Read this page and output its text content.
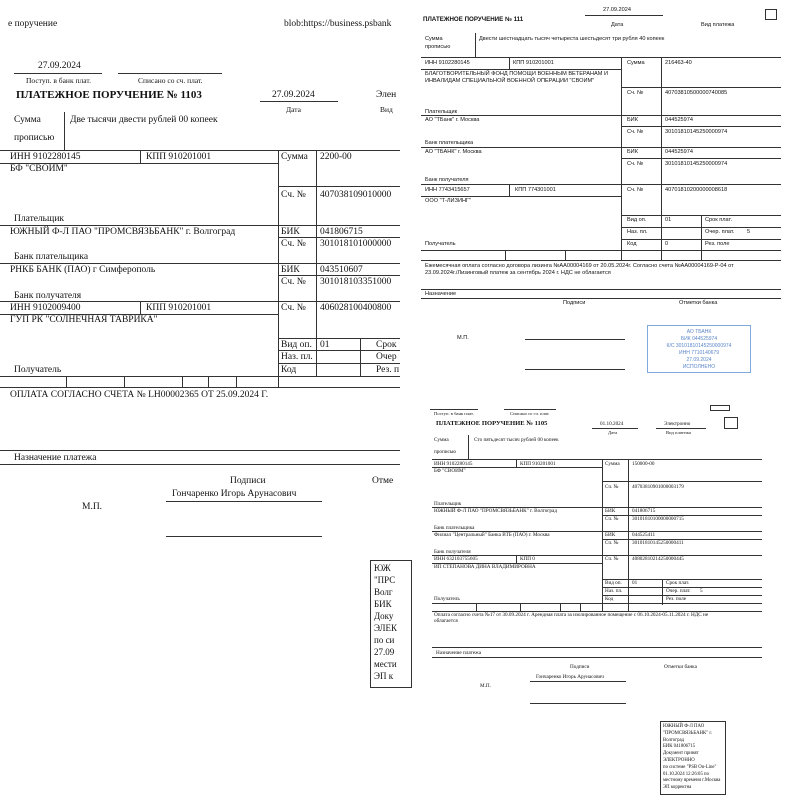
е поручение	blob:https://business.psbank
27.09.2024
Поступ. в банк плат.	Списано со сч. плат.
ПЛАТЕЖНОЕ ПОРУЧЕНИЕ № 1103	27.09.2024
Дата
Элен
Вид
Сумма
прописью
Две тысячи двести рублей 00 копеек
ИНН 9102280145	КПП 910201001
БФ "СВОИМ"
Сумма 2200-00
Сч. № 407038109010000
Плательщик
ЮЖНЫЙ Ф-Л ПАО "ПРОМСВЯЗЬБАНК" г. Волгоград	БИК 041806715
Сч. № 301018101000000
Банк плательщика
РНКБ БАНК (ПАО) г Симферополь	БИК 043510607
Сч. № 301018103351000
Банк получателя
ИНН 9102009400	КПП 910201001	Сч. № 406028100400800
ГУП РК "СОЛНЕЧНАЯ ТАВРИКА"
Вид оп. 01	Срок
Наз. пл.	Очер
Код	Рез. п
Получатель
ОПЛАТА СОГЛАСНО СЧЕТА № LH00002365 ОТ 25.09.2024 Г.
Назначение платежа
Подписи	Отме
Гончаренко Игорь Арунасович
М.П.
ЮЖ
"ПРС
Волг
БИК
Доку
ЭЛЕК
по си
27.09
мести
ЭП к
27.09.2024
ПЛАТЕЖНОЕ ПОРУЧЕНИЕ № 111
Дата	Вид платежа
Сумма
прописью
Двести шестнадцать тысяч четыреста шестьдесят три рубля 40 копеек
ИНН 9102280145	КПП 910201001
БЛАГОТВОРИТЕЛЬНЫЙ ФОНД ПОМОЩИ ВОЕННЫМ ВЕТЕРАНАМ И
ИНВАЛИДАМ СПЕЦИАЛЬНОЙ ВОЕННОЙ ОПЕРАЦИИ "СВОИМ"
Сумма	216463-40
Сч. №	40703810500000740085
Плательщик
АО "ТБанк" г. Москва	БИК	044525974
Сч. №	30101810145250000974
Банк плательщика
АО "ТБАНК" г. Москва	БИК	044525974
Сч. №	30101810145250000974
Банк получателя
ИНН 7743415657	КПП 774301001	Сч. №	40701810200000008618
ООО "Т-ЛИЗИНГ"
Вид оп.	01	Срок плат.
Наз. пл.	Очер. плат. 5
Код	0	Рез. поле
Получатель
Ежемесячная оплата согласно договора лизинга №АА00004169 от 20.05.2024г. Согласно счета №АА00004169-Р-04 от
23.09.2024г./Лизинговый платеж за сентябрь 2024 г. НДС не облагается
Назначение
Подписи	Отметки банка
М.П.
АО ТБАНК
БИК 044525974
К/С 30101810145250000974
ИНН 7710140679
27.09.2024
ИСПОЛНЕНО
Поступ. в банк плат.	Списано со сч. плат.
ПЛАТЕЖНОЕ ПОРУЧЕНИЕ № 1105	01.10.2024
Дата
Электронно
Вид платежа
Сумма
прописью
Сто пятьдесят тысяч рублей 00 копеек
ИНН 9102280145	КПП 910201001
БФ "СВОИМ"
Сумма 150000-00
Сч. №	40703810901000003179
Плательщик
ЮЖНЫЙ Ф-Л ПАО "ПРОМСВЯЗЬБАНК" г. Волгоград	БИК	041806715
Сч. №	30101810100000000715
Банк плательщика
Филиал "Центральный" Банка ВТБ (ПАО) г. Москва	БИК	044525411
Сч. №	30101810145250000411
Банк получателя
ИНН 632103755605	КПП 0	Сч. №	40802810214250000445
ИП СТЕПАНОВА ДИНА ВЛАДИМИРОВНА
Вид оп. 01	Срок плат.
Наз. пл.	Очер. плат. 5
Код	Рез. поле
Получатель
Оплата согласно счета №17 от 30.09.2024 г. Арендная плата за изолированное помещение с 06.10.2024-05.11.2024 г. НДС не
облагается
Назначение платежа
Подписи	Отметки банка
Гончаренко Игорь Арунасович
М.П.
ЮЖНЫЙ Ф-Л ПАО
"ПРОМСВЯЗЬБАНК" г.
Волгоград
БИК 041806715
Документ принят
ЭЛЕКТРОННО
по системе "PSB On-Line"
01.10.2024 12:26:05 по
местному времени г.Москва
ЭП корректна
